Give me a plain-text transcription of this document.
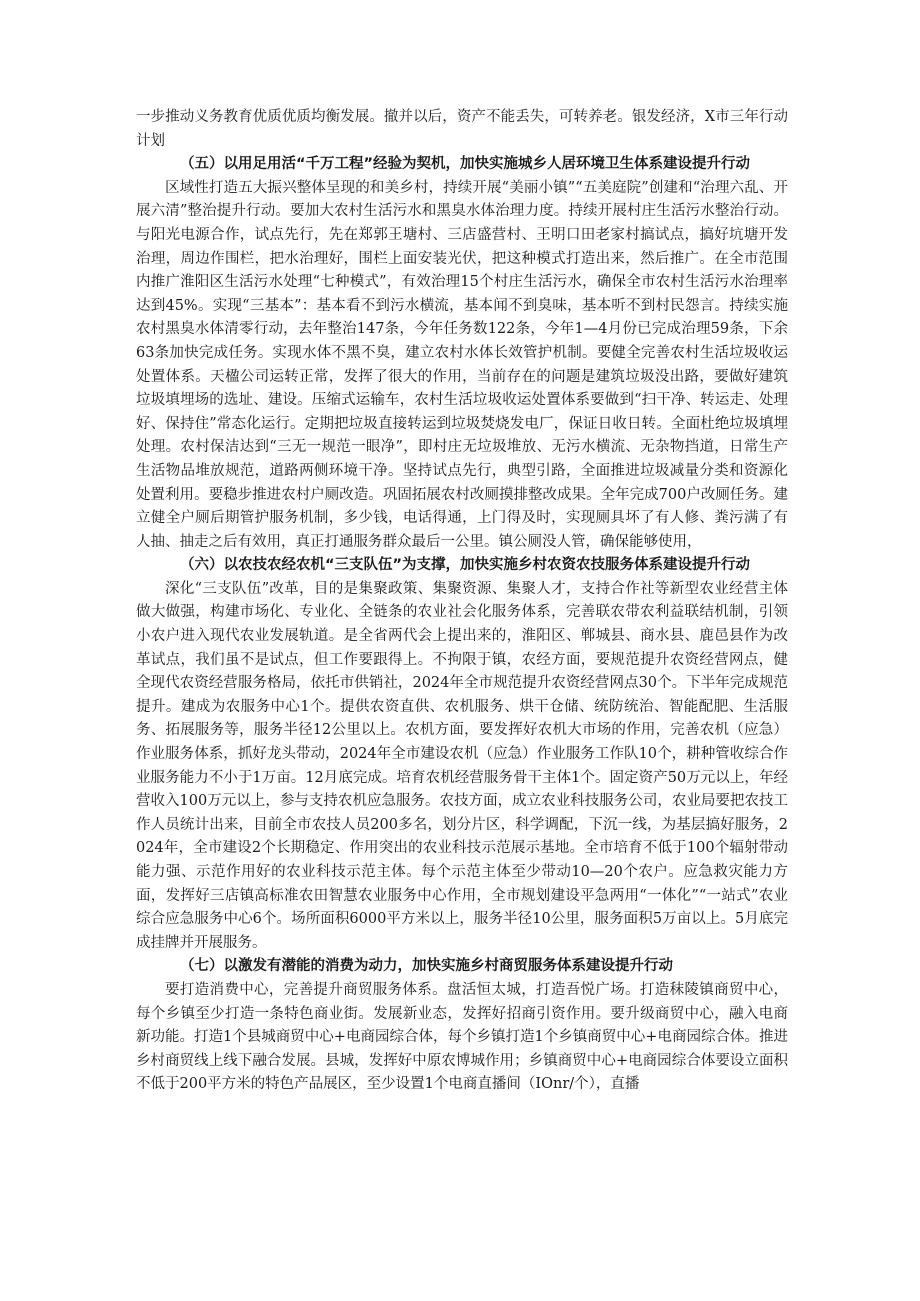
一步推动义务教育优质优质均衡发展。撤并以后，资产不能丢失，可转养老。银发经济，X市三年行动计划

（五）以用足用活“千万工程”经验为契机，加快实施城乡人居环境卫生体系建设提升行动

区域性打造五大振兴整体呈现的和美乡村，持续开展“美丽小镇”“五美庭院”创建和“治理六乱、开展六清”整治提升行动。要加大农村生活污水和黑臭水体治理力度。持续开展村庄生活污水整治行动。与阳光电源合作，试点先行，先在郑郭王塘村、三店盛营村、王明口田老家村搞试点，搞好坑塘开发治理，周边作围栏，把水治理好，围栏上面安装光伏，把这种模式打造出来，然后推广。在全市范围内推广淮阳区生活污水处理“七种模式”，有效治理15个村庄生活污水，确保全市农村生活污水治理率达到45%。实现“三基本”：基本看不到污水横流，基本闻不到臭味，基本听不到村民怨言。持续实施农村黑臭水体清零行动，去年整治147条，今年任务数122条，今年1—4月份已完成治理59条，下余63条加快完成任务。实现水体不黑不臭，建立农村水体长效管护机制。要健全完善农村生活垃圾收运处置体系。天楹公司运转正常，发挥了很大的作用，当前存在的问题是建筑垃圾没出路，要做好建筑垃圾填埋场的选址、建设。压缩式运输车，农村生活垃圾收运处置体系要做到“扫干净、转运走、处理好、保持住”常态化运行。定期把垃圾直接转运到垃圾焚烧发电厂，保证日收日转。全面杜绝垃圾填埋处理。农村保洁达到“三无一规范一眼净”，即村庄无垃圾堆放、无污水横流、无杂物挡道，日常生产生活物品堆放规范，道路两侧环境干净。坚持试点先行，典型引路，全面推进垃圾减量分类和资源化处置利用。要稳步推进农村户厕改造。巩固拓展农村改厕摸排整改成果。全年完成700户改厕任务。建立健全户厕后期管护服务机制，多少钱，电话得通，上门得及时，实现厕具坏了有人修、粪污满了有人抽、抽走之后有效用，真正打通服务群众最后一公里。镇公厕没人管，确保能够使用，

（六）以农技农经农机“三支队伍”为支撑，加快实施乡村农资农技服务体系建设提升行动

深化“三支队伍”改革，目的是集聚政策、集聚资源、集聚人才，支持合作社等新型农业经营主体做大做强，构建市场化、专业化、全链条的农业社会化服务体系，完善联农带农利益联结机制，引领小农户进入现代农业发展轨道。是全省两代会上提出来的，淮阳区、郸城县、商水县、鹿邑县作为改革试点，我们虽不是试点，但工作要跟得上。不拘限于镇，农经方面，要规范提升农资经营网点，健全现代农资经营服务格局，依托市供销社，2024年全市规范提升农资经营网点30个。下半年完成规范提升。建成为农服务中心1个。提供农资直供、农机服务、烘干仓储、统防统治、智能配肥、生活服务、拓展服务等，服务半径12公里以上。农机方面，要发挥好农机大市场的作用，完善农机（应急）作业服务体系，抓好龙头带动，2024年全市建设农机（应急）作业服务工作队10个，耕种管收综合作业服务能力不小于1万亩。12月底完成。培育农机经营服务骨干主体1个。固定资产50万元以上，年经营收入100万元以上，参与支持农机应急服务。农技方面，成立农业科技服务公司，农业局要把农技工作人员统计出来，目前全市农技人员200多名，划分片区，科学调配，下沉一线，为基层搞好服务，2024年，全市建设2个长期稳定、作用突出的农业科技示范展示基地。全市培育不低于100个辐射带动能力强、示范作用好的农业科技示范主体。每个示范主体至少带动10—20个农户。应急救灾能力方面，发挥好三店镇高标准农田智慧农业服务中心作用，全市规划建设平急两用“一体化”“一站式”农业综合应急服务中心6个。场所面积6000平方米以上，服务半径10公里，服务面积5万亩以上。5月底完成挂牌并开展服务。

（七）以激发有潜能的消费为动力，加快实施乡村商贸服务体系建设提升行动

要打造消费中心，完善提升商贸服务体系。盘活恒太城，打造吾悦广场。打造秣陵镇商贸中心，每个乡镇至少打造一条特色商业街。发展新业态，发挥好招商引资作用。要升级商贸中心，融入电商新功能。打造1个县城商贸中心+电商园综合体，每个乡镇打造1个乡镇商贸中心+电商园综合体。推进乡村商贸线上线下融合发展。县城，发挥好中原农博城作用；乡镇商贸中心+电商园综合体要设立面积不低于200平方米的特色产品展区，至少设置1个电商直播间（IOnr/个），直播
